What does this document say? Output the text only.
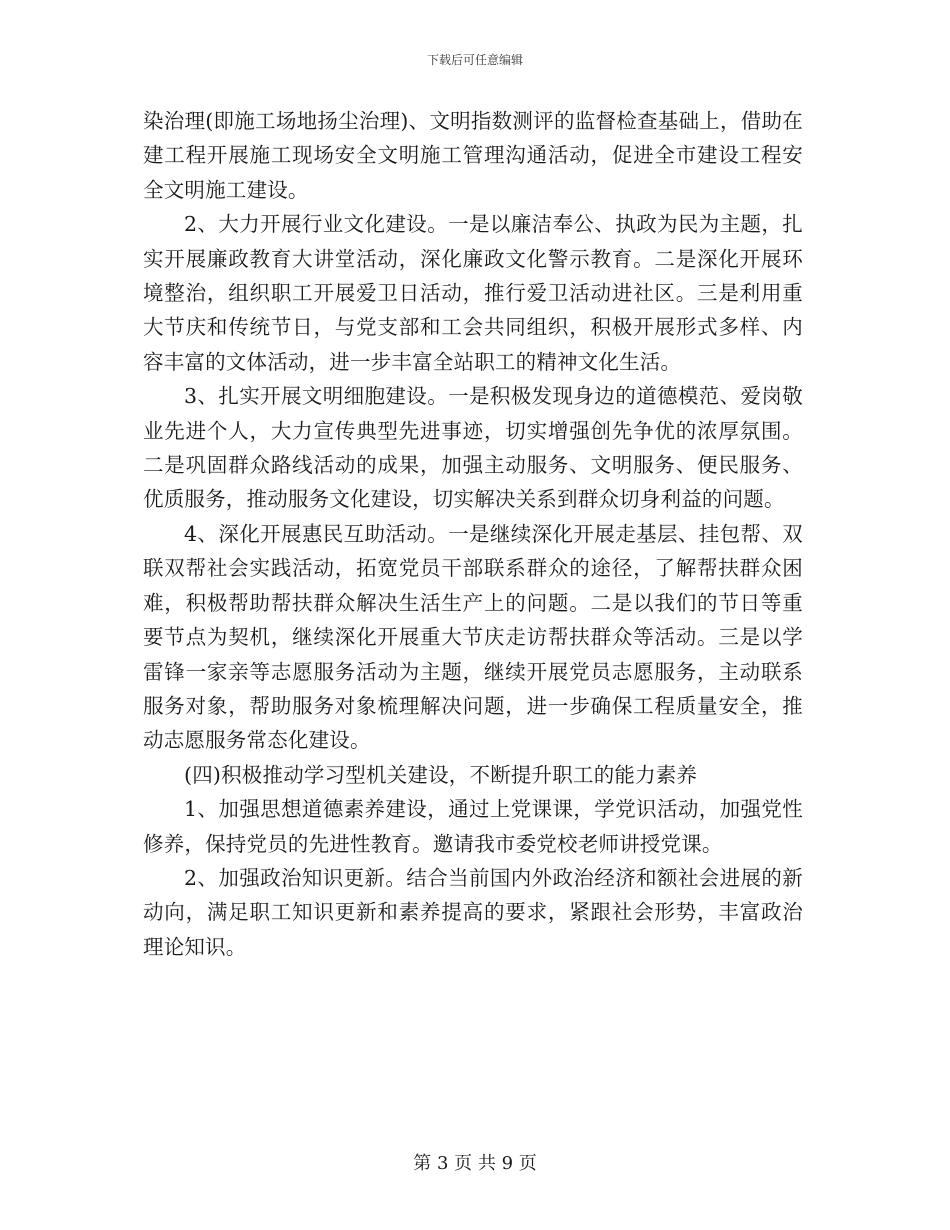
下载后可任意编辑

染治理(即施工场地扬尘治理)、文明指数测评的监督检查基础上，借助在建工程开展施工现场安全文明施工管理沟通活动，促进全市建设工程安全文明施工建设。

2、大力开展行业文化建设。一是以廉洁奉公、执政为民为主题，扎实开展廉政教育大讲堂活动，深化廉政文化警示教育。二是深化开展环境整治，组织职工开展爱卫日活动，推行爱卫活动进社区。三是利用重大节庆和传统节日，与党支部和工会共同组织，积极开展形式多样、内容丰富的文体活动，进一步丰富全站职工的精神文化生活。

3、扎实开展文明细胞建设。一是积极发现身边的道德模范、爱岗敬业先进个人，大力宣传典型先进事迹，切实增强创先争优的浓厚氛围。二是巩固群众路线活动的成果，加强主动服务、文明服务、便民服务、优质服务，推动服务文化建设，切实解决关系到群众切身利益的问题。

4、深化开展惠民互助活动。一是继续深化开展走基层、挂包帮、双联双帮社会实践活动，拓宽党员干部联系群众的途径，了解帮扶群众困难，积极帮助帮扶群众解决生活生产上的问题。二是以我们的节日等重要节点为契机，继续深化开展重大节庆走访帮扶群众等活动。三是以学雷锋一家亲等志愿服务活动为主题，继续开展党员志愿服务，主动联系服务对象，帮助服务对象梳理解决问题，进一步确保工程质量安全，推动志愿服务常态化建设。

(四)积极推动学习型机关建设，不断提升职工的能力素养

1、加强思想道德素养建设，通过上党课课，学党识活动，加强党性修养，保持党员的先进性教育。邀请我市委党校老师讲授党课。

2、加强政治知识更新。结合当前国内外政治经济和额社会进展的新动向，满足职工知识更新和素养提高的要求，紧跟社会形势，丰富政治理论知识。

第 3 页 共 9 页
